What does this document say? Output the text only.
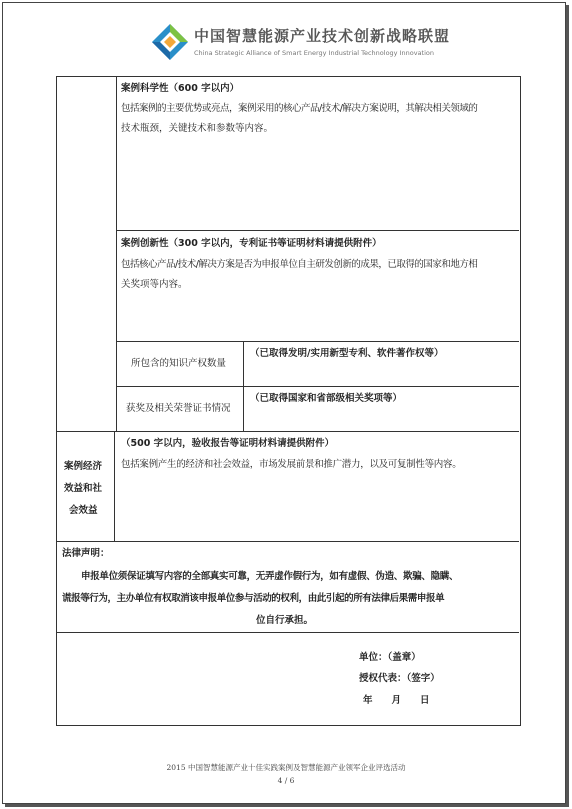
中国智慧能源产业技术创新战略联盟
China Strategic Alliance of Smart Energy Industrial Technology Innovation
案例科学性（600 字以内）
包括案例的主要优势或亮点，案例采用的核心产品/技术/解决方案说明，其解决相关领域的
技术瓶颈，关键技术和参数等内容。
案例创新性（300 字以内，专利证书等证明材料请提供附件）
包括核心产品/技术/解决方案是否为申报单位自主研发创新的成果，已取得的国家和地方相
关奖项等内容。
所包含的知识产权数量
（已取得发明/实用新型专利、软件著作权等）
获奖及相关荣誉证书情况
（已取得国家和省部级相关奖项等）
案例经济
效益和社
会效益
（500 字以内，验收报告等证明材料请提供附件）
包括案例产生的经济和社会效益，市场发展前景和推广潜力，以及可复制性等内容。
法律声明：
申报单位须保证填写内容的全部真实可靠，无弄虚作假行为，如有虚假、伪造、欺骗、隐瞒、
谎报等行为，主办单位有权取消该申报单位参与活动的权利，由此引起的所有法律后果需申报单
位自行承担。
单位：（盖章）
授权代表：（签字）
年　　月　　日
2015 中国智慧能源产业十佳实践案例及智慧能源产业领军企业评选活动
4 / 6
